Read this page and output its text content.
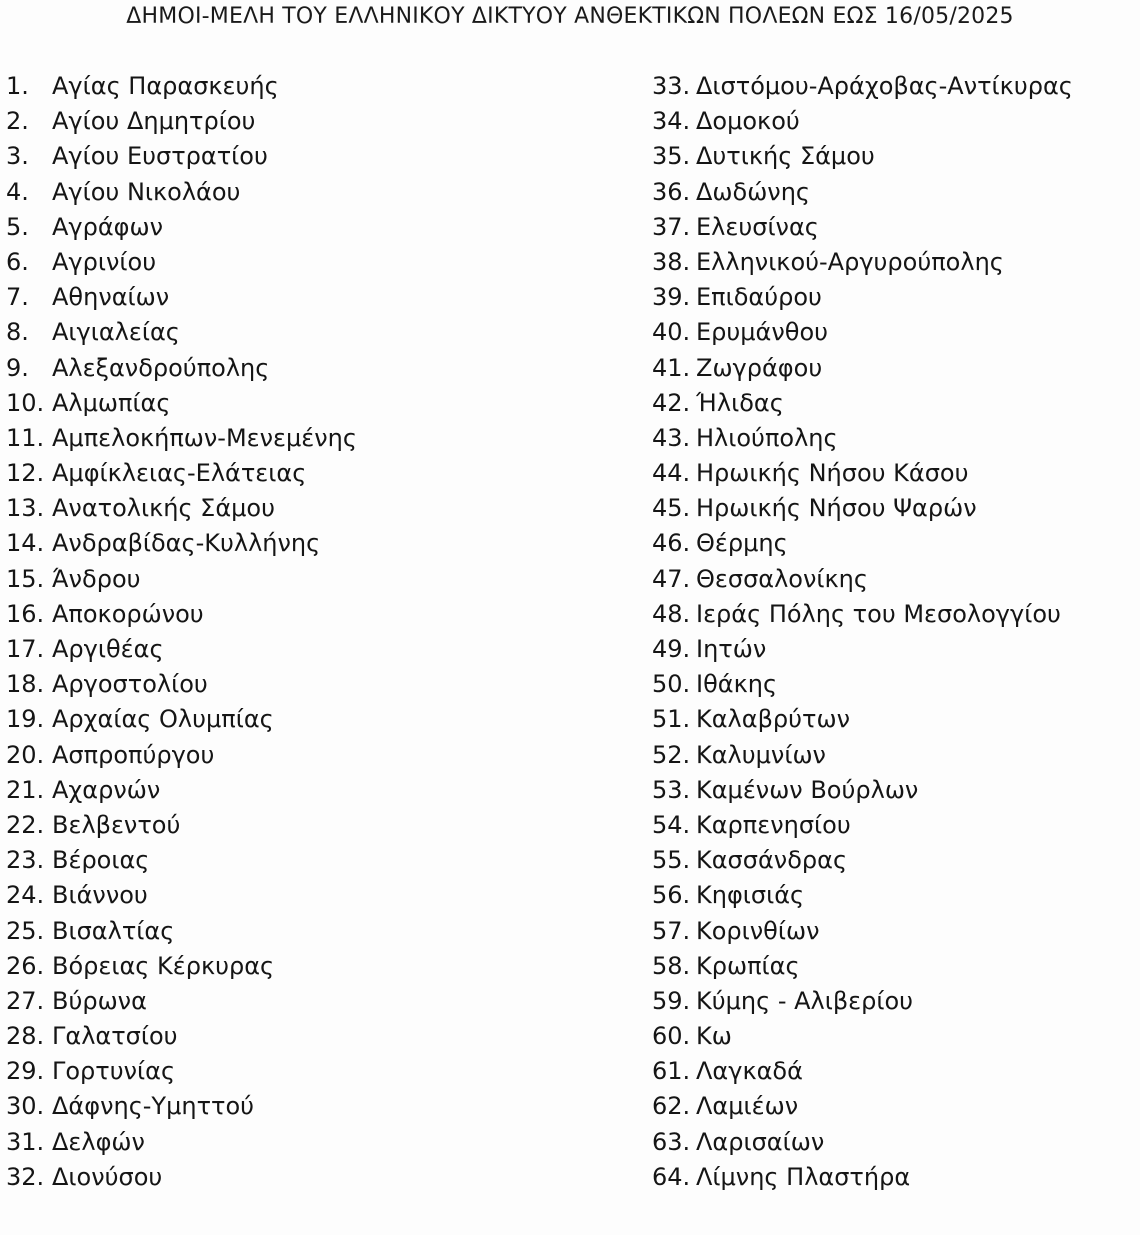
ΔΗΜΟΙ-ΜΕΛΗ ΤΟΥ ΕΛΛΗΝΙΚΟΥ ΔΙΚΤΥΟΥ ΑΝΘΕΚΤΙΚΩΝ ΠΟΛΕΩΝ ΕΩΣ 16/05/2025
1. Αγίας Παρασκευής
2. Αγίου Δημητρίου
3. Αγίου Ευστρατίου
4. Αγίου Νικολάου
5. Αγράφων
6. Αγρινίου
7. Αθηναίων
8. Αιγιαλείας
9. Αλεξανδρούπολης
10. Αλμωπίας
11. Αμπελοκήπων-Μενεμένης
12. Αμφίκλειας-Ελάτειας
13. Ανατολικής Σάμου
14. Ανδραβίδας-Κυλλήνης
15. Άνδρου
16. Αποκορώνου
17. Αργιθέας
18. Αργοστολίου
19. Αρχαίας Ολυμπίας
20. Ασπροπύργου
21. Αχαρνών
22. Βελβεντού
23. Βέροιας
24. Βιάννου
25. Βισαλτίας
26. Βόρειας Κέρκυρας
27. Βύρωνα
28. Γαλατσίου
29. Γορτυνίας
30. Δάφνης-Υμηττού
31. Δελφών
32. Διονύσου
33. Διστόμου-Αράχοβας-Αντίκυρας
34. Δομοκού
35. Δυτικής Σάμου
36. Δωδώνης
37. Ελευσίνας
38. Ελληνικού-Αργυρούπολης
39. Επιδαύρου
40. Ερυμάνθου
41. Ζωγράφου
42. Ήλιδας
43. Ηλιούπολης
44. Ηρωικής Νήσου Κάσου
45. Ηρωικής Νήσου Ψαρών
46. Θέρμης
47. Θεσσαλονίκης
48. Ιεράς Πόλης του Μεσολογγίου
49. Ιητών
50. Ιθάκης
51. Καλαβρύτων
52. Καλυμνίων
53. Καμένων Βούρλων
54. Καρπενησίου
55. Κασσάνδρας
56. Κηφισιάς
57. Κορινθίων
58. Κρωπίας
59. Κύμης - Αλιβερίου
60. Κω
61. Λαγκαδά
62. Λαμιέων
63. Λαρισαίων
64. Λίμνης Πλαστήρα
